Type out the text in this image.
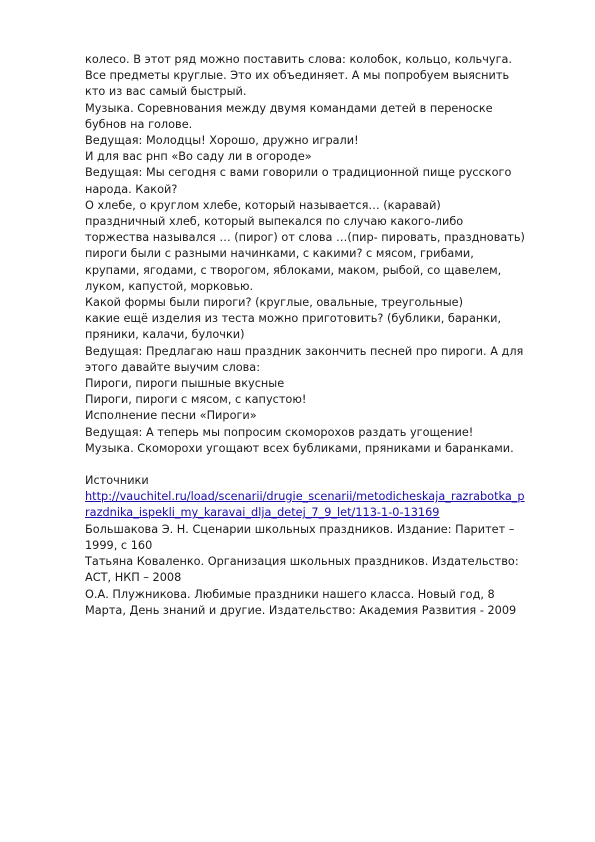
колесо. В этот ряд можно поставить слова: колобок, кольцо, кольчуга.
Все предметы круглые. Это их объединяет. А мы попробуем выяснить
кто из вас самый быстрый.
Музыка. Соревнования между двумя командами детей в переноске
бубнов на голове.
Ведущая: Молодцы! Хорошо, дружно играли!
И для вас рнп «Во саду ли в огороде»
Ведущая: Мы сегодня с вами говорили о традиционной пище русского
народа. Какой?
О хлебе, о круглом хлебе, который называется… (каравай)
праздничный хлеб, который выпекался по случаю какого-либо
торжества назывался … (пирог) от слова …(пир- пировать, праздновать)
пироги были с разными начинками, с какими? с мясом, грибами,
крупами, ягодами, с творогом, яблоками, маком, рыбой, со щавелем,
луком, капустой, морковью.
Какой формы были пироги? (круглые, овальные, треугольные)
какие ещё изделия из теста можно приготовить? (бублики, баранки,
пряники, калачи, булочки)
Ведущая: Предлагаю наш праздник закончить песней про пироги. А для
этого давайте выучим слова:
Пироги, пироги пышные вкусные
Пироги, пироги с мясом, с капустою!
Исполнение песни «Пироги»
Ведущая: А теперь мы попросим скоморохов раздать угощение!
Музыка. Скоморохи угощают всех бубликами, пряниками и баранками.
Источники
http://vauchitel.ru/load/scenarii/drugie_scenarii/metodicheskaja_razrabotka_p
razdnika_ispekli_my_karavai_dlja_detej_7_9_let/113-1-0-13169
Большакова Э. Н. Сценарии школьных праздников. Издание: Паритет –
1999, с 160
Татьяна Коваленко. Организация школьных праздников. Издательство:
АСТ, НКП – 2008
О.А. Плужникова. Любимые праздники нашего класса. Новый год, 8
Марта, День знаний и другие. Издательство: Академия Развития - 2009
